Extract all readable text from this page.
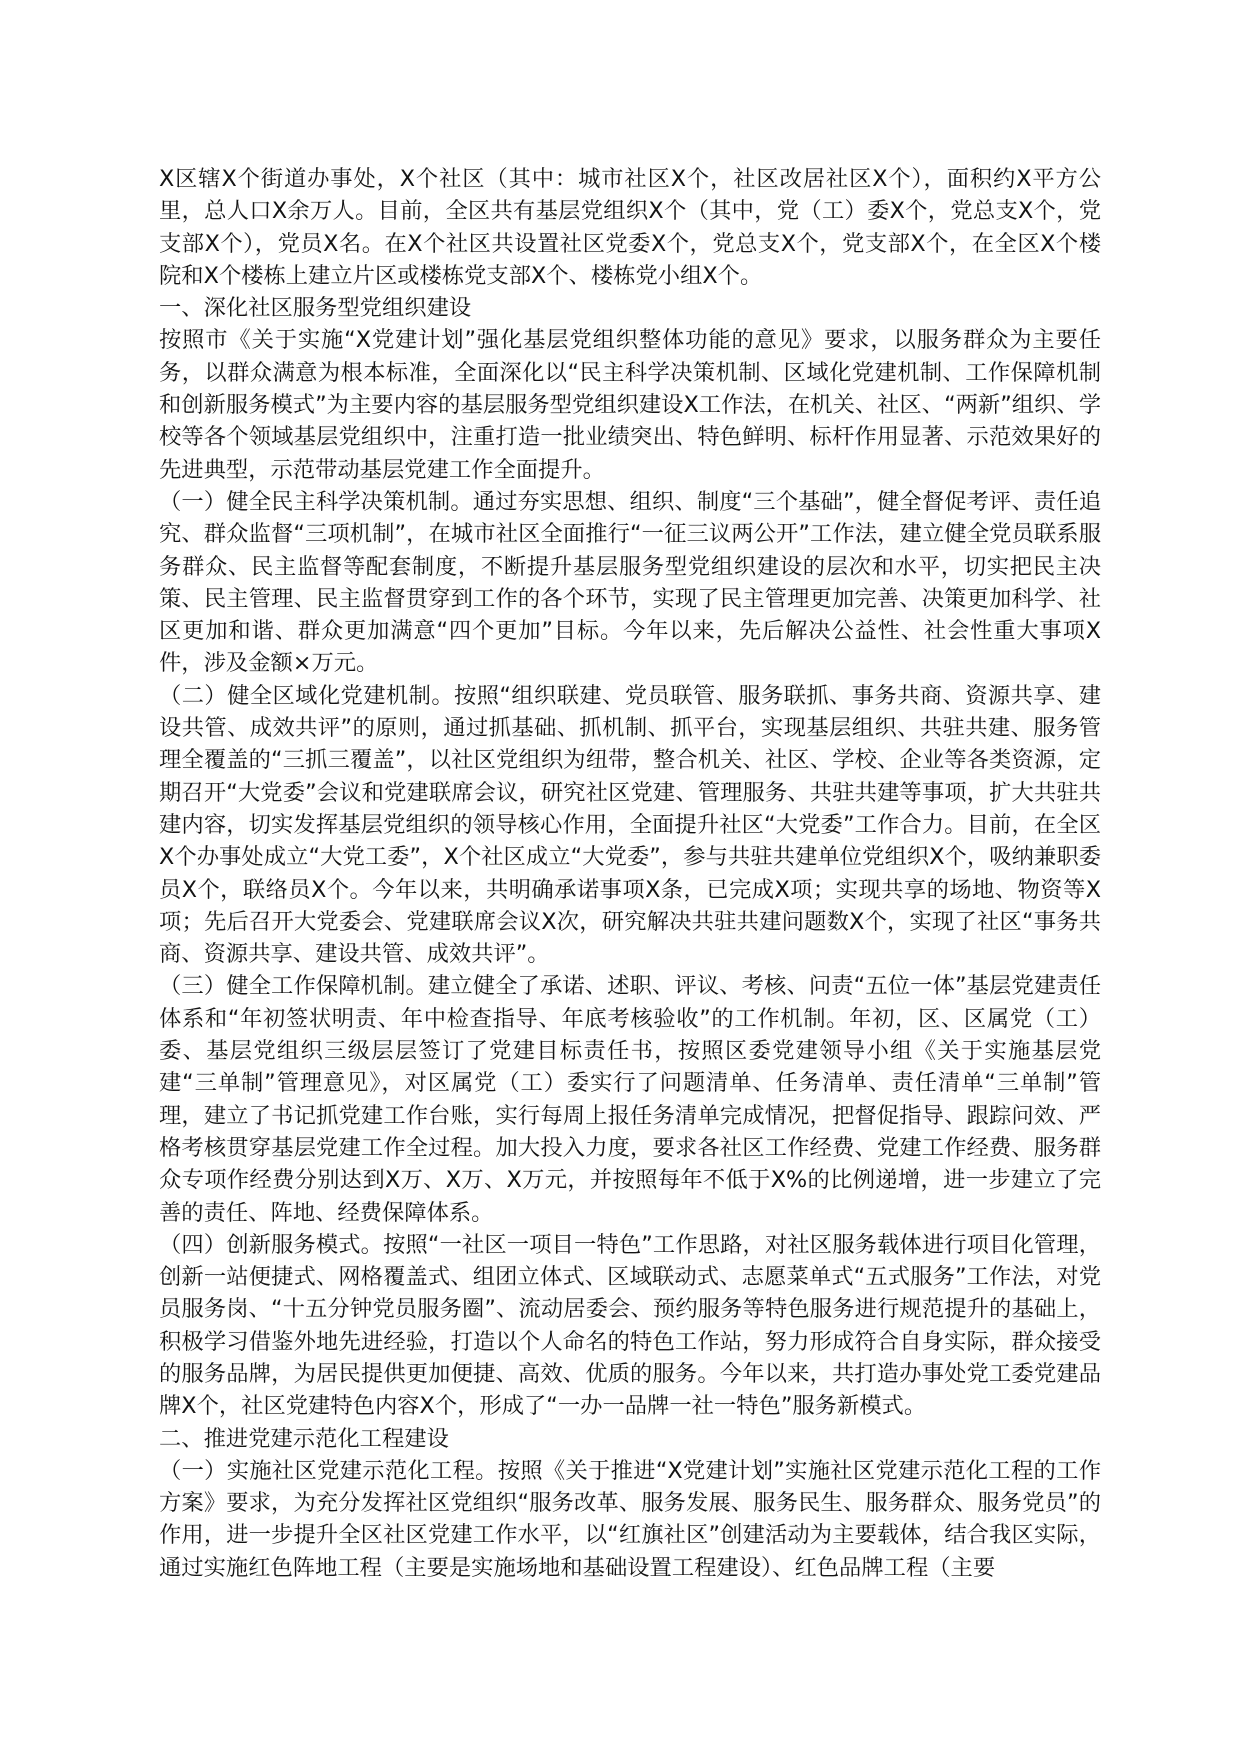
X区辖X个街道办事处，X个社区（其中：城市社区X个，社区改居社区X个），面积约X平方公里，总人口X余万人。目前，全区共有基层党组织X个（其中，党（工）委X个，党总支X个，党支部X个），党员X名。在X个社区共设置社区党委X个，党总支X个，党支部X个，在全区X个楼院和X个楼栋上建立片区或楼栋党支部X个、楼栋党小组X个。

一、深化社区服务型党组织建设

按照市《关于实施“X党建计划”强化基层党组织整体功能的意见》要求，以服务群众为主要任务，以群众满意为根本标准，全面深化以“民主科学决策机制、区域化党建机制、工作保障机制和创新服务模式”为主要内容的基层服务型党组织建设X工作法，在机关、社区、“两新”组织、学校等各个领域基层党组织中，注重打造一批业绩突出、特色鲜明、标杆作用显著、示范效果好的先进典型，示范带动基层党建工作全面提升。

（一）健全民主科学决策机制。通过夯实思想、组织、制度“三个基础”，健全督促考评、责任追究、群众监督“三项机制”，在城市社区全面推行“一征三议两公开”工作法，建立健全党员联系服务群众、民主监督等配套制度，不断提升基层服务型党组织建设的层次和水平，切实把民主决策、民主管理、民主监督贯穿到工作的各个环节，实现了民主管理更加完善、决策更加科学、社区更加和谐、群众更加满意“四个更加”目标。今年以来，先后解决公益性、社会性重大事项X件，涉及金额×万元。

（二）健全区域化党建机制。按照“组织联建、党员联管、服务联抓、事务共商、资源共享、建设共管、成效共评”的原则，通过抓基础、抓机制、抓平台，实现基层组织、共驻共建、服务管理全覆盖的“三抓三覆盖”，以社区党组织为纽带，整合机关、社区、学校、企业等各类资源，定期召开“大党委”会议和党建联席会议，研究社区党建、管理服务、共驻共建等事项，扩大共驻共建内容，切实发挥基层党组织的领导核心作用，全面提升社区“大党委”工作合力。目前，在全区X个办事处成立“大党工委”，X个社区成立“大党委”，参与共驻共建单位党组织X个，吸纳兼职委员X个，联络员X个。今年以来，共明确承诺事项X条，已完成X项；实现共享的场地、物资等X项；先后召开大党委会、党建联席会议X次，研究解决共驻共建问题数X个，实现了社区“事务共商、资源共享、建设共管、成效共评”。

（三）健全工作保障机制。建立健全了承诺、述职、评议、考核、问责“五位一体”基层党建责任体系和“年初签状明责、年中检查指导、年底考核验收”的工作机制。年初，区、区属党（工）委、基层党组织三级层层签订了党建目标责任书，按照区委党建领导小组《关于实施基层党建“三单制”管理意见》，对区属党（工）委实行了问题清单、任务清单、责任清单“三单制”管理，建立了书记抓党建工作台账，实行每周上报任务清单完成情况，把督促指导、跟踪问效、严格考核贯穿基层党建工作全过程。加大投入力度，要求各社区工作经费、党建工作经费、服务群众专项作经费分别达到X万、X万、X万元，并按照每年不低于X%的比例递增，进一步建立了完善的责任、阵地、经费保障体系。

（四）创新服务模式。按照“一社区一项目一特色”工作思路，对社区服务载体进行项目化管理，创新一站便捷式、网格覆盖式、组团立体式、区域联动式、志愿菜单式“五式服务”工作法，对党员服务岗、“十五分钟党员服务圈”、流动居委会、预约服务等特色服务进行规范提升的基础上，积极学习借鉴外地先进经验，打造以个人命名的特色工作站，努力形成符合自身实际，群众接受的服务品牌，为居民提供更加便捷、高效、优质的服务。今年以来，共打造办事处党工委党建品牌X个，社区党建特色内容X个，形成了“一办一品牌一社一特色”服务新模式。

二、推进党建示范化工程建设

（一）实施社区党建示范化工程。按照《关于推进“X党建计划”实施社区党建示范化工程的工作方案》要求，为充分发挥社区党组织“服务改革、服务发展、服务民生、服务群众、服务党员”的作用，进一步提升全区社区党建工作水平，以“红旗社区”创建活动为主要载体，结合我区实际，通过实施红色阵地工程（主要是实施场地和基础设置工程建设）、红色品牌工程（主要
